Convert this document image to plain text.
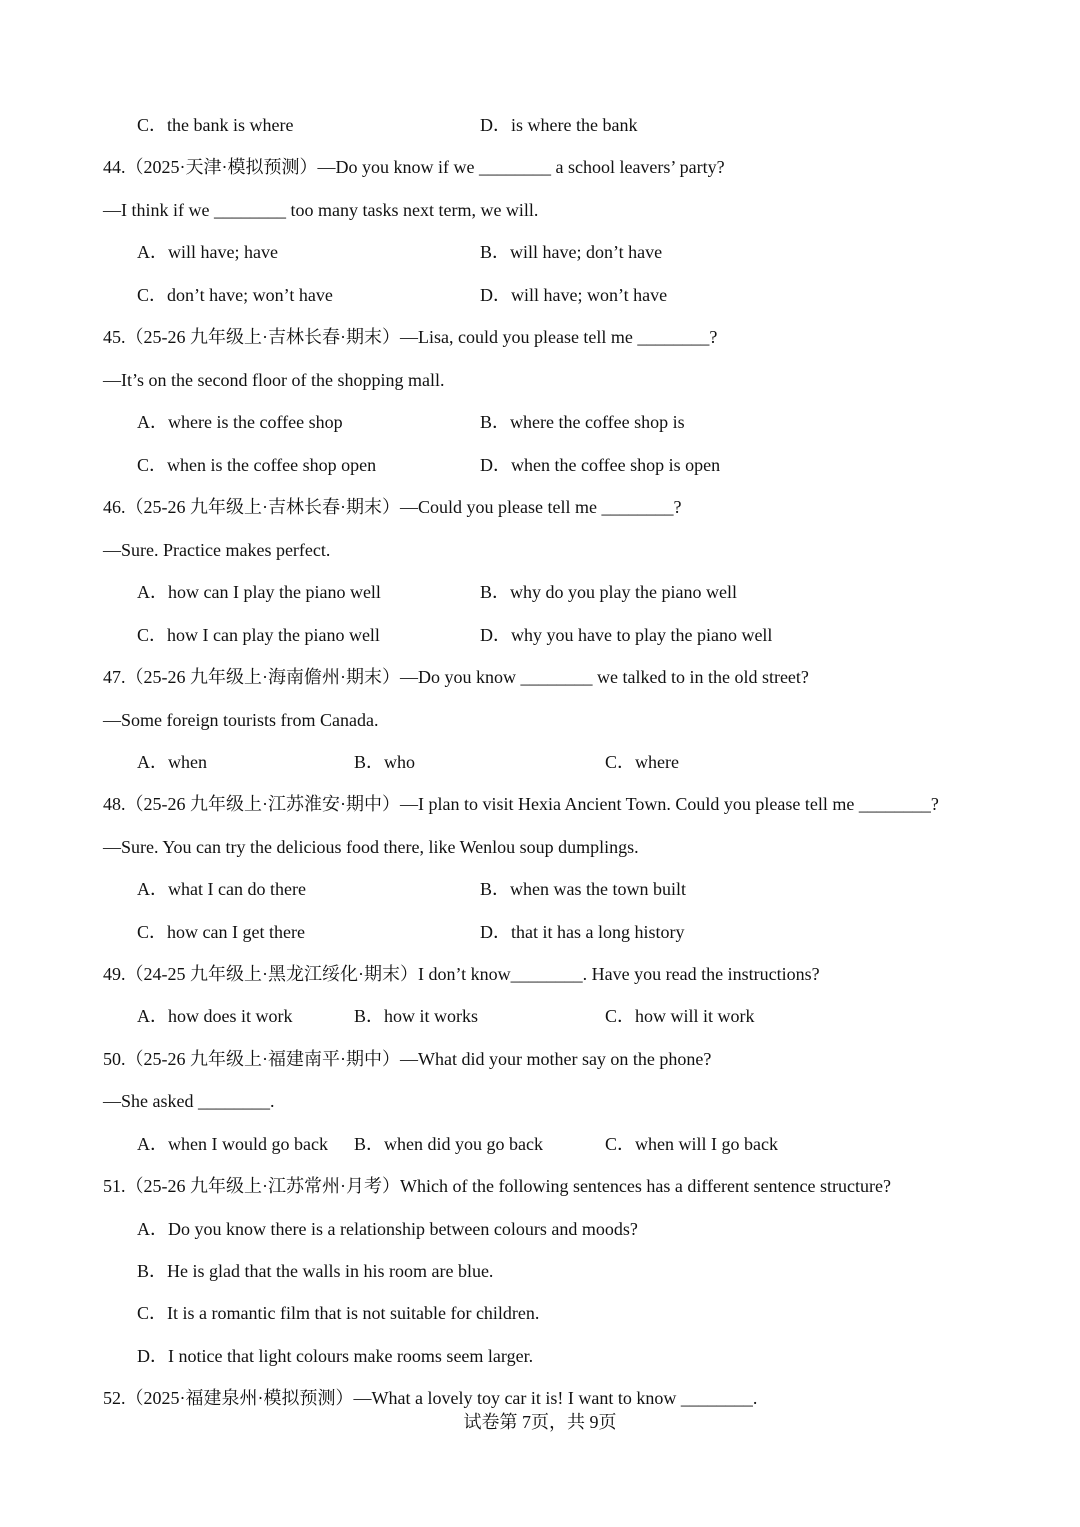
C．the bank is where	D．is where the bank
44.（2025·天津·模拟预测）—Do you know if we ________ a school leavers’ party?
—I think if we ________ too many tasks next term, we will.
A．will have; have	B．will have; don’t have
C．don’t have; won’t have	D．will have; won’t have
45.（25-26 九年级上·吉林长春·期末）—Lisa, could you please tell me ________?
—It’s on the second floor of the shopping mall.
A．where is the coffee shop	B．where the coffee shop is
C．when is the coffee shop open	D．when the coffee shop is open
46.（25-26 九年级上·吉林长春·期末）—Could you please tell me ________?
—Sure. Practice makes perfect.
A．how can I play the piano well	B．why do you play the piano well
C．how I can play the piano well	D．why you have to play the piano well
47.（25-26 九年级上·海南儋州·期末）—Do you know ________ we talked to in the old street?
—Some foreign tourists from Canada.
A．when	B．who	C．where
48.（25-26 九年级上·江苏淮安·期中）—I plan to visit Hexia Ancient Town. Could you please tell me ________?
—Sure. You can try the delicious food there, like Wenlou soup dumplings.
A．what I can do there	B．when was the town built
C．how can I get there	D．that it has a long history
49.（24-25 九年级上·黑龙江绥化·期末）I don’t know________. Have you read the instructions?
A．how does it work	B．how it works	C．how will it work
50.（25-26 九年级上·福建南平·期中）—What did your mother say on the phone?
—She asked ________.
A．when I would go back B．when did you go back	C．when will I go back
51.（25-26 九年级上·江苏常州·月考）Which of the following sentences has a different sentence structure?
A．Do you know there is a relationship between colours and moods?
B．He is glad that the walls in his room are blue.
C．It is a romantic film that is not suitable for children.
D．I notice that light colours make rooms seem larger.
52.（2025·福建泉州·模拟预测）—What a lovely toy car it is! I want to know ________.
试卷第 7页，共 9页
